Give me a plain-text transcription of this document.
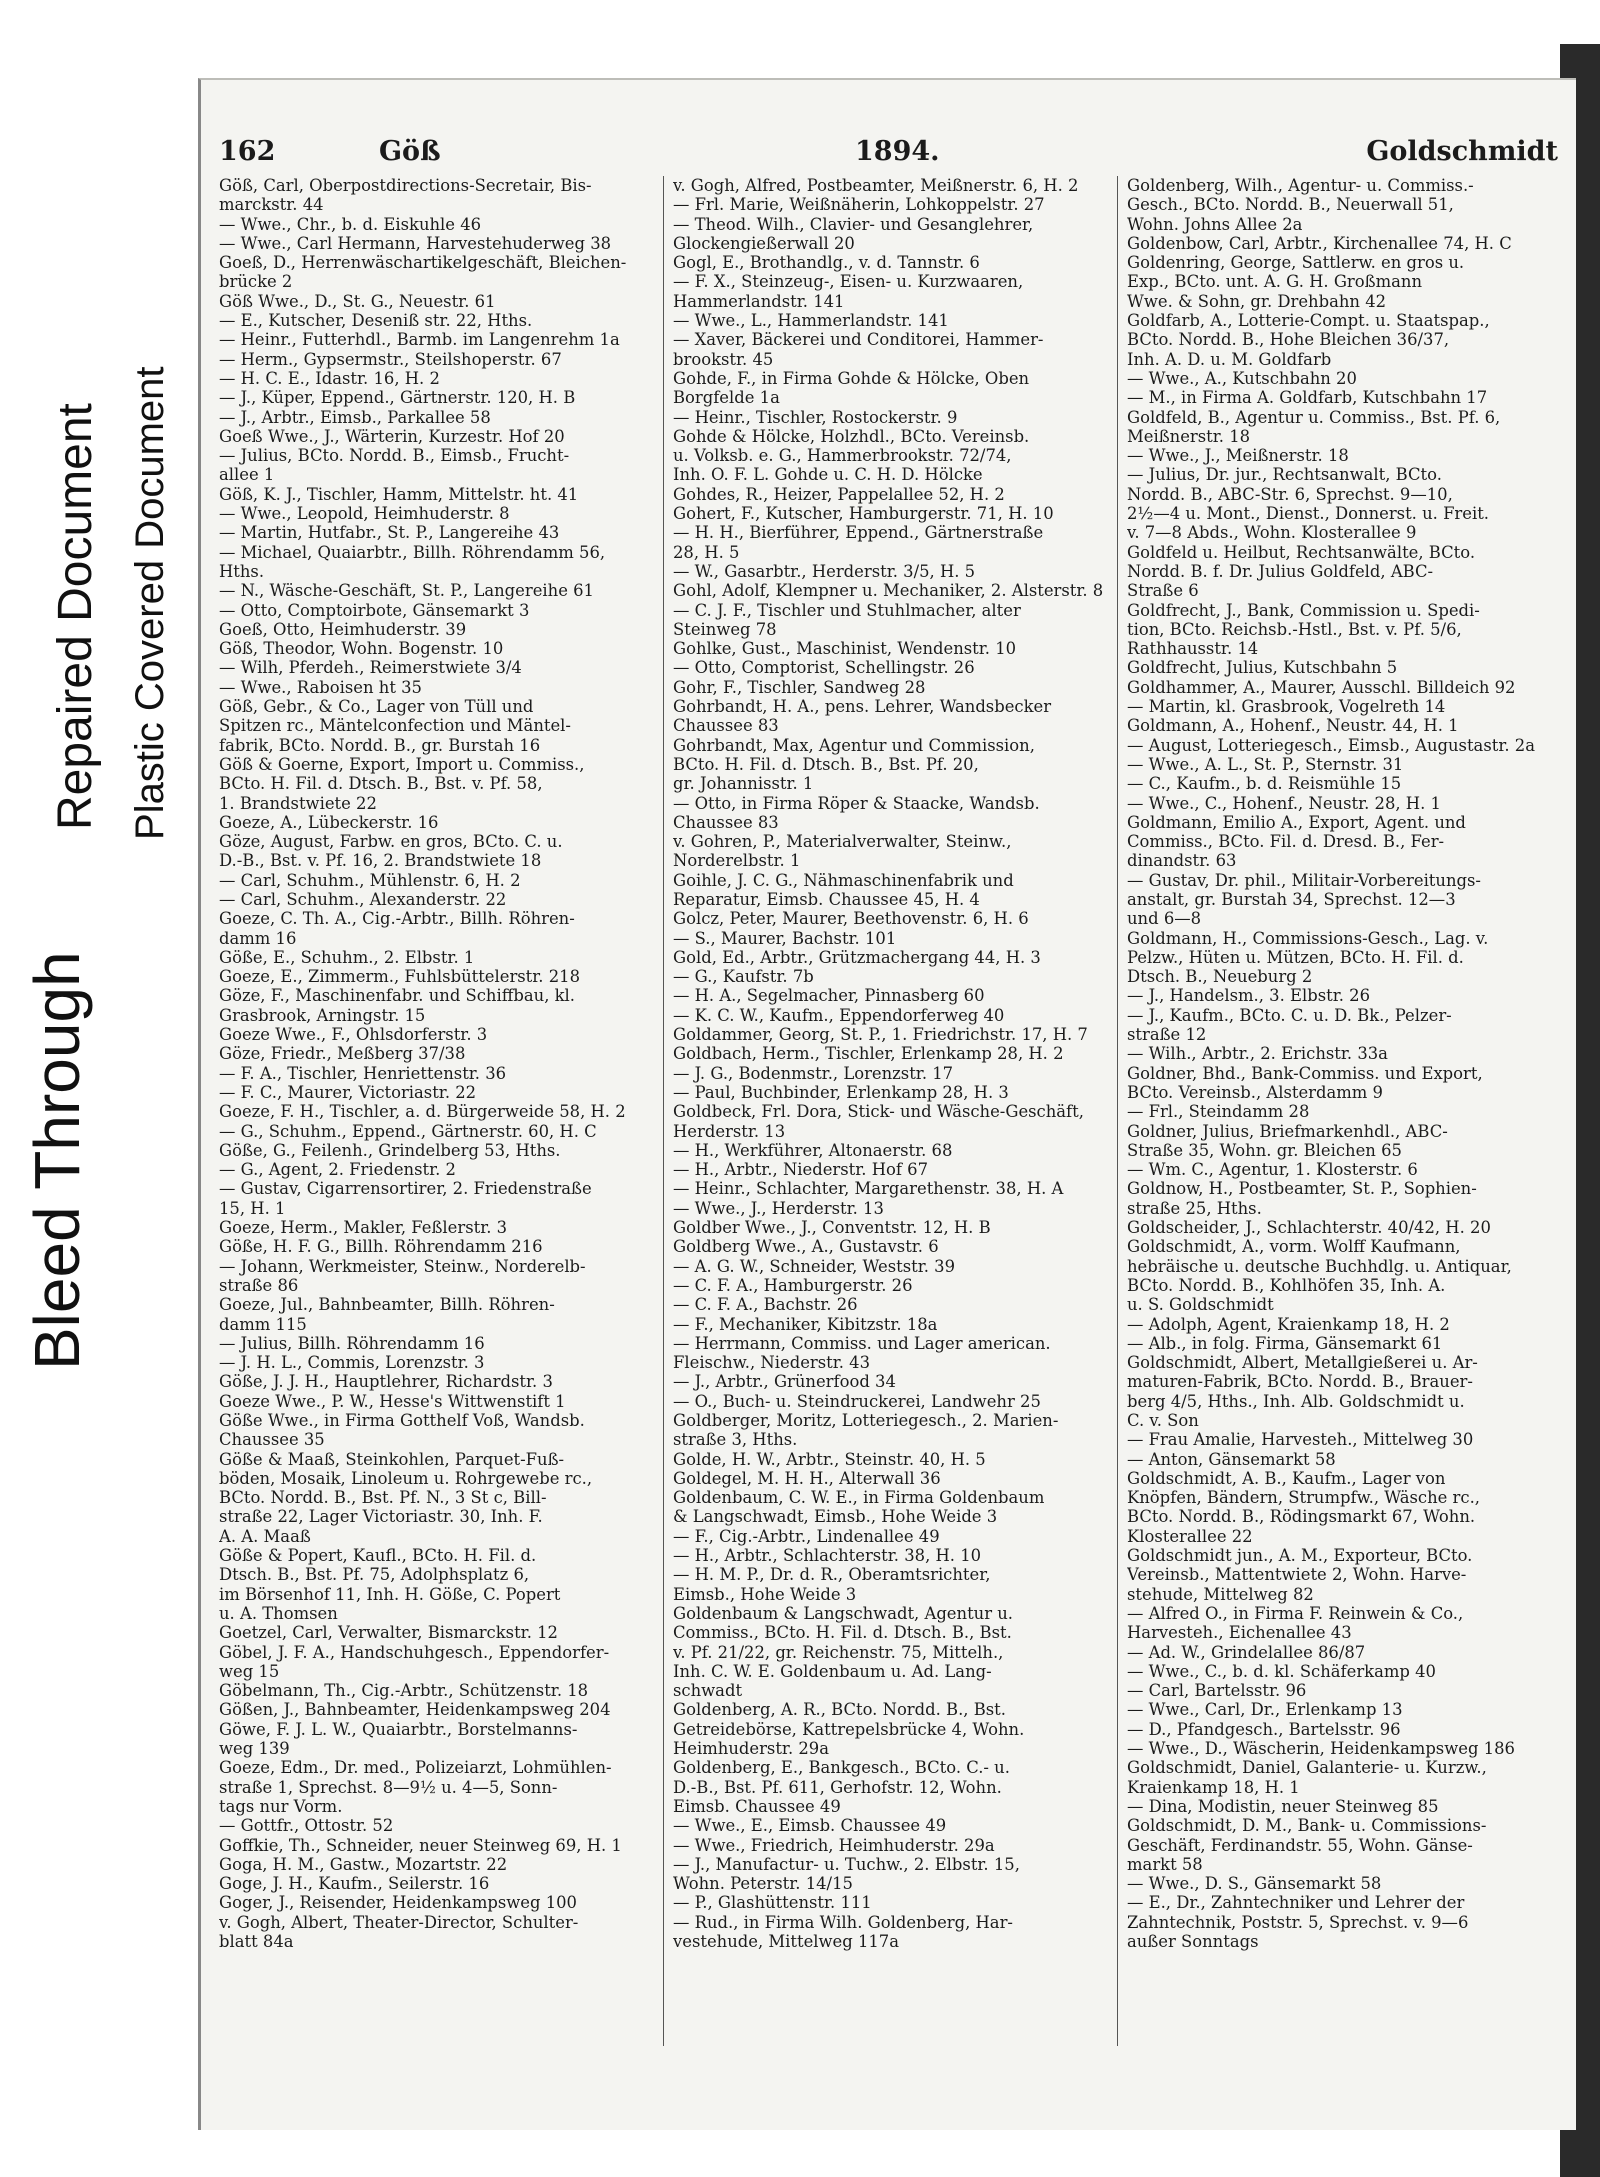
Bleed Through
Repaired Document Plastic Covered Document
162	Göß	1894.	Goldschmidt
Göß, Carl, Oberpostdirections-Secretair, Bis-
marckstr. 44
— Wwe., Chr., b. d. Eiskuhle 46
— Wwe., Carl Hermann, Harvestehuderweg 38
Goeß, D., Herrenwäschartikelgeschäft, Bleichen-
brücke 2
Göß Wwe., D., St. G., Neuestr. 61
— E., Kutscher, Deseniß str. 22, Hths.
— Heinr., Futterhdl., Barmb. im Langenrehm 1a
— Herm., Gypsermstr., Steilshoperstr. 67
— H. C. E., Idastr. 16, H. 2
— J., Küper, Eppend., Gärtnerstr. 120, H. B
— J., Arbtr., Eimsb., Parkallee 58
Goeß Wwe., J., Wärterin, Kurzestr. Hof 20
— Julius, BCto. Nordd. B., Eimsb., Frucht-
allee 1
Göß, K. J., Tischler, Hamm, Mittelstr. ht. 41
— Wwe., Leopold, Heimhuderstr. 8
— Martin, Hutfabr., St. P., Langereihe 43
— Michael, Quaiarbtr., Billh. Röhrendamm 56,
Hths.
— N., Wäsche-Geschäft, St. P., Langereihe 61
— Otto, Comptoirbote, Gänsemarkt 3
Goeß, Otto, Heimhuderstr. 39
Göß, Theodor, Wohn. Bogenstr. 10
— Wilh, Pferdeh., Reimerstwiete 3/4
— Wwe., Raboisen ht 35
Göß, Gebr., & Co., Lager von Tüll und
Spitzen rc., Mäntelconfection und Mäntel-
fabrik, BCto. Nordd. B., gr. Burstah 16
Göß & Goerne, Export, Import u. Commiss.,
BCto. H. Fil. d. Dtsch. B., Bst. v. Pf. 58,
1. Brandstwiete 22
Goeze, A., Lübeckerstr. 16
Göze, August, Farbw. en gros, BCto. C. u.
D.-B., Bst. v. Pf. 16, 2. Brandstwiete 18
— Carl, Schuhm., Mühlenstr. 6, H. 2
— Carl, Schuhm., Alexanderstr. 22
Goeze, C. Th. A., Cig.-Arbtr., Billh. Röhren-
damm 16
Göße, E., Schuhm., 2. Elbstr. 1
Goeze, E., Zimmerm., Fuhlsbüttelerstr. 218
Göze, F., Maschinenfabr. und Schiffbau, kl.
Grasbrook, Arningstr. 15
Goeze Wwe., F., Ohlsdorferstr. 3
Göze, Friedr., Meßberg 37/38
— F. A., Tischler, Henriettenstr. 36
— F. C., Maurer, Victoriastr. 22
Goeze, F. H., Tischler, a. d. Bürgerweide 58, H. 2
— G., Schuhm., Eppend., Gärtnerstr. 60, H. C
Göße, G., Feilenh., Grindelberg 53, Hths.
— G., Agent, 2. Friedenstr. 2
— Gustav, Cigarrensortirer, 2. Friedenstraße
15, H. 1
Goeze, Herm., Makler, Feßlerstr. 3
Göße, H. F. G., Billh. Röhrendamm 216
— Johann, Werkmeister, Steinw., Norderelb-
straße 86
Goeze, Jul., Bahnbeamter, Billh. Röhren-
damm 115
— Julius, Billh. Röhrendamm 16
— J. H. L., Commis, Lorenzstr. 3
Göße, J. J. H., Hauptlehrer, Richardstr. 3
Goeze Wwe., P. W., Hesse's Wittwenstift 1
Göße Wwe., in Firma Gotthelf Voß, Wandsb.
Chaussee 35
Göße & Maaß, Steinkohlen, Parquet-Fuß-
böden, Mosaik, Linoleum u. Rohrgewebe rc.,
BCto. Nordd. B., Bst. Pf. N., 3 St c, Bill-
straße 22, Lager Victoriastr. 30, Inh. F.
A. A. Maaß
Göße & Popert, Kaufl., BCto. H. Fil. d.
Dtsch. B., Bst. Pf. 75, Adolphsplatz 6,
im Börsenhof 11, Inh. H. Göße, C. Popert
u. A. Thomsen
Goetzel, Carl, Verwalter, Bismarckstr. 12
Göbel, J. F. A., Handschuhgesch., Eppendorfer-
weg 15
Göbelmann, Th., Cig.-Arbtr., Schützenstr. 18
Gößen, J., Bahnbeamter, Heidenkampsweg 204
Göwe, F. J. L. W., Quaiarbtr., Borstelmanns-
weg 139
Goeze, Edm., Dr. med., Polizeiarzt, Lohmühlen-
straße 1, Sprechst. 8—9½ u. 4—5, Sonn-
tags nur Vorm.
— Gottfr., Ottostr. 52
Goffkie, Th., Schneider, neuer Steinweg 69, H. 1
Goga, H. M., Gastw., Mozartstr. 22
Goge, J. H., Kaufm., Seilerstr. 16
Goger, J., Reisender, Heidenkampsweg 100
v. Gogh, Albert, Theater-Director, Schulter-
blatt 84a
v. Gogh, Alfred, Postbeamter, Meißnerstr. 6, H. 2
— Frl. Marie, Weißnäherin, Lohkoppelstr. 27
— Theod. Wilh., Clavier- und Gesanglehrer,
Glockengießerwall 20
Gogl, E., Brothandlg., v. d. Tannstr. 6
— F. X., Steinzeug-, Eisen- u. Kurzwaaren,
Hammerlandstr. 141
— Wwe., L., Hammerlandstr. 141
— Xaver, Bäckerei und Conditorei, Hammer-
brookstr. 45
Gohde, F., in Firma Gohde & Hölcke, Oben
Borgfelde 1a
— Heinr., Tischler, Rostockerstr. 9
Gohde & Hölcke, Holzhdl., BCto. Vereinsb.
u. Volksb. e. G., Hammerbrookstr. 72/74,
Inh. O. F. L. Gohde u. C. H. D. Hölcke
Gohdes, R., Heizer, Pappelallee 52, H. 2
Gohert, F., Kutscher, Hamburgerstr. 71, H. 10
— H. H., Bierführer, Eppend., Gärtnerstraße
28, H. 5
— W., Gasarbtr., Herderstr. 3/5, H. 5
Gohl, Adolf, Klempner u. Mechaniker, 2. Alsterstr. 8
— C. J. F., Tischler und Stuhlmacher, alter
Steinweg 78
Gohlke, Gust., Maschinist, Wendenstr. 10
— Otto, Comptorist, Schellingstr. 26
Gohr, F., Tischler, Sandweg 28
Gohrbandt, H. A., pens. Lehrer, Wandsbecker
Chaussee 83
Gohrbandt, Max, Agentur und Commission,
BCto. H. Fil. d. Dtsch. B., Bst. Pf. 20,
gr. Johannisstr. 1
— Otto, in Firma Röper & Staacke, Wandsb.
Chaussee 83
v. Gohren, P., Materialverwalter, Steinw.,
Norderelbstr. 1
Goihle, J. C. G., Nähmaschinenfabrik und
Reparatur, Eimsb. Chaussee 45, H. 4
Golcz, Peter, Maurer, Beethovenstr. 6, H. 6
— S., Maurer, Bachstr. 101
Gold, Ed., Arbtr., Grützmachergang 44, H. 3
— G., Kaufstr. 7b
— H. A., Segelmacher, Pinnasberg 60
— K. C. W., Kaufm., Eppendorferweg 40
Goldammer, Georg, St. P., 1. Friedrichstr. 17, H. 7
Goldbach, Herm., Tischler, Erlenkamp 28, H. 2
— J. G., Bodenmstr., Lorenzstr. 17
— Paul, Buchbinder, Erlenkamp 28, H. 3
Goldbeck, Frl. Dora, Stick- und Wäsche-Geschäft,
Herderstr. 13
— H., Werkführer, Altonaerstr. 68
— H., Arbtr., Niederstr. Hof 67
— Heinr., Schlachter, Margarethenstr. 38, H. A
— Wwe., J., Herderstr. 13
Goldber Wwe., J., Conventstr. 12, H. B
Goldberg Wwe., A., Gustavstr. 6
— A. G. W., Schneider, Weststr. 39
— C. F. A., Hamburgerstr. 26
— C. F. A., Bachstr. 26
— F., Mechaniker, Kibitzstr. 18a
— Herrmann, Commiss. und Lager american.
Fleischw., Niederstr. 43
— J., Arbtr., Grünerfood 34
— O., Buch- u. Steindruckerei, Landwehr 25
Goldberger, Moritz, Lotteriegesch., 2. Marien-
straße 3, Hths.
Golde, H. W., Arbtr., Steinstr. 40, H. 5
Goldegel, M. H. H., Alterwall 36
Goldenbaum, C. W. E., in Firma Goldenbaum
& Langschwadt, Eimsb., Hohe Weide 3
— F., Cig.-Arbtr., Lindenallee 49
— H., Arbtr., Schlachterstr. 38, H. 10
— H. M. P., Dr. d. R., Oberamtsrichter,
Eimsb., Hohe Weide 3
Goldenbaum & Langschwadt, Agentur u.
Commiss., BCto. H. Fil. d. Dtsch. B., Bst.
v. Pf. 21/22, gr. Reichenstr. 75, Mittelh.,
Inh. C. W. E. Goldenbaum u. Ad. Lang-
schwadt
Goldenberg, A. R., BCto. Nordd. B., Bst.
Getreidebörse, Kattrepelsbrücke 4, Wohn.
Heimhuderstr. 29a
Goldenberg, E., Bankgesch., BCto. C.- u.
D.-B., Bst. Pf. 611, Gerhofstr. 12, Wohn.
Eimsb. Chaussee 49
— Wwe., E., Eimsb. Chaussee 49
— Wwe., Friedrich, Heimhuderstr. 29a
— J., Manufactur- u. Tuchw., 2. Elbstr. 15,
Wohn. Peterstr. 14/15
— P., Glashüttenstr. 111
— Rud., in Firma Wilh. Goldenberg, Har-
vestehude, Mittelweg 117a
Goldenberg, Wilh., Agentur- u. Commiss.-
Gesch., BCto. Nordd. B., Neuerwall 51,
Wohn. Johns Allee 2a
Goldenbow, Carl, Arbtr., Kirchenallee 74, H. C
Goldenring, George, Sattlerw. en gros u.
Exp., BCto. unt. A. G. H. Großmann
Wwe. & Sohn, gr. Drehbahn 42
Goldfarb, A., Lotterie-Compt. u. Staatspap.,
BCto. Nordd. B., Hohe Bleichen 36/37,
Inh. A. D. u. M. Goldfarb
— Wwe., A., Kutschbahn 20
— M., in Firma A. Goldfarb, Kutschbahn 17
Goldfeld, B., Agentur u. Commiss., Bst. Pf. 6,
Meißnerstr. 18
— Wwe., J., Meißnerstr. 18
— Julius, Dr. jur., Rechtsanwalt, BCto.
Nordd. B., ABC-Str. 6, Sprechst. 9—10,
2½—4 u. Mont., Dienst., Donnerst. u. Freit.
v. 7—8 Abds., Wohn. Klosterallee 9
Goldfeld u. Heilbut, Rechtsanwälte, BCto.
Nordd. B. f. Dr. Julius Goldfeld, ABC-
Straße 6
Goldfrecht, J., Bank, Commission u. Spedi-
tion, BCto. Reichsb.-Hstl., Bst. v. Pf. 5/6,
Rathhausstr. 14
Goldfrecht, Julius, Kutschbahn 5
Goldhammer, A., Maurer, Ausschl. Billdeich 92
— Martin, kl. Grasbrook, Vogelreth 14
Goldmann, A., Hohenf., Neustr. 44, H. 1
— August, Lotteriegesch., Eimsb., Augustastr. 2a
— Wwe., A. L., St. P., Sternstr. 31
— C., Kaufm., b. d. Reismühle 15
— Wwe., C., Hohenf., Neustr. 28, H. 1
Goldmann, Emilio A., Export, Agent. und
Commiss., BCto. Fil. d. Dresd. B., Fer-
dinandstr. 63
— Gustav, Dr. phil., Militair-Vorbereitungs-
anstalt, gr. Burstah 34, Sprechst. 12—3
und 6—8
Goldmann, H., Commissions-Gesch., Lag. v.
Pelzw., Hüten u. Mützen, BCto. H. Fil. d.
Dtsch. B., Neueburg 2
— J., Handelsm., 3. Elbstr. 26
— J., Kaufm., BCto. C. u. D. Bk., Pelzer-
straße 12
— Wilh., Arbtr., 2. Erichstr. 33a
Goldner, Bhd., Bank-Commiss. und Export,
BCto. Vereinsb., Alsterdamm 9
— Frl., Steindamm 28
Goldner, Julius, Briefmarkenhdl., ABC-
Straße 35, Wohn. gr. Bleichen 65
— Wm. C., Agentur, 1. Klosterstr. 6
Goldnow, H., Postbeamter, St. P., Sophien-
straße 25, Hths.
Goldscheider, J., Schlachterstr. 40/42, H. 20
Goldschmidt, A., vorm. Wolff Kaufmann,
hebräische u. deutsche Buchhdlg. u. Antiquar,
BCto. Nordd. B., Kohlhöfen 35, Inh. A.
u. S. Goldschmidt
— Adolph, Agent, Kraienkamp 18, H. 2
— Alb., in folg. Firma, Gänsemarkt 61
Goldschmidt, Albert, Metallgießerei u. Ar-
maturen-Fabrik, BCto. Nordd. B., Brauer-
berg 4/5, Hths., Inh. Alb. Goldschmidt u.
C. v. Son
— Frau Amalie, Harvesteh., Mittelweg 30
— Anton, Gänsemarkt 58
Goldschmidt, A. B., Kaufm., Lager von
Knöpfen, Bändern, Strumpfw., Wäsche rc.,
BCto. Nordd. B., Rödingsmarkt 67, Wohn.
Klosterallee 22
Goldschmidt jun., A. M., Exporteur, BCto.
Vereinsb., Mattentwiete 2, Wohn. Harve-
stehude, Mittelweg 82
— Alfred O., in Firma F. Reinwein & Co.,
Harvesteh., Eichenallee 43
— Ad. W., Grindelallee 86/87
— Wwe., C., b. d. kl. Schäferkamp 40
— Carl, Bartelsstr. 96
— Wwe., Carl, Dr., Erlenkamp 13
— D., Pfandgesch., Bartelsstr. 96
— Wwe., D., Wäscherin, Heidenkampsweg 186
Goldschmidt, Daniel, Galanterie- u. Kurzw.,
Kraienkamp 18, H. 1
— Dina, Modistin, neuer Steinweg 85
Goldschmidt, D. M., Bank- u. Commissions-
Geschäft, Ferdinandstr. 55, Wohn. Gänse-
markt 58
— Wwe., D. S., Gänsemarkt 58
— E., Dr., Zahntechniker und Lehrer der
Zahntechnik, Poststr. 5, Sprechst. v. 9—6
außer Sonntags
